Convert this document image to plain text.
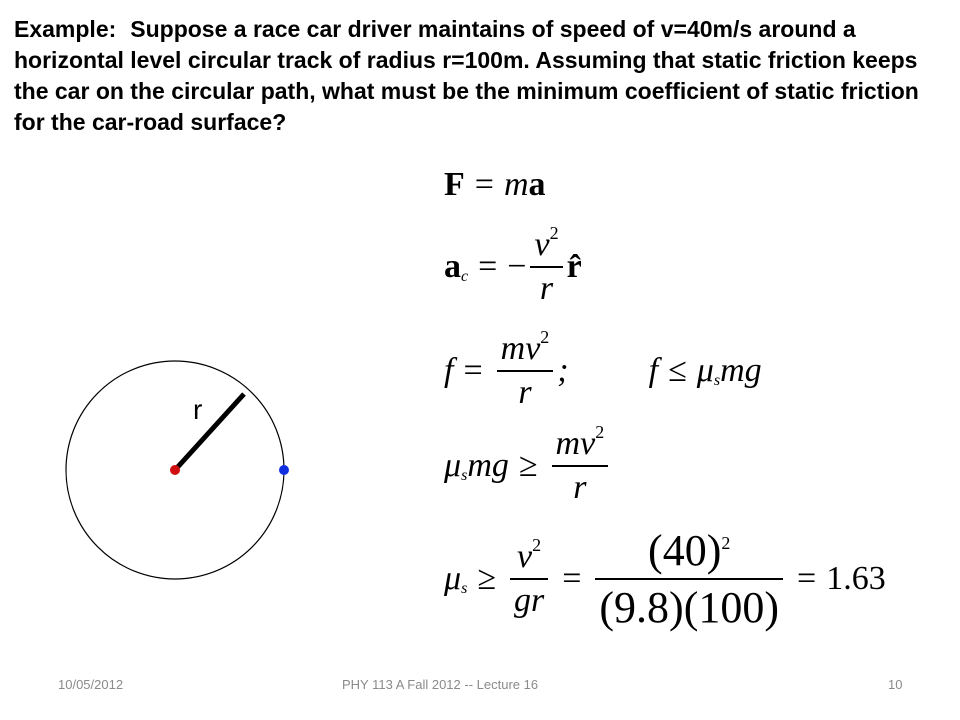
Example: Suppose a race car driver maintains of speed of v=40m/s around a horizontal level circular track of radius r=100m. Assuming that static friction keeps the car on the circular path, what must be the minimum coefficient of static friction for the car-road surface?

r
F = m a
a c = − $\frac{v^2}{r}$ r̂
$f = \frac{mv^2}{r}$ ; f ≤ μ s mg
μ s mg ≥ $\frac{mv^2}{r}$
μ $s \ge \frac{v^2}{gr} = \frac{(40)^2}{(9.8)(100)} = 1.63$
10/05/2012	PHY 113 A Fall 2012 -- Lecture 16	10
